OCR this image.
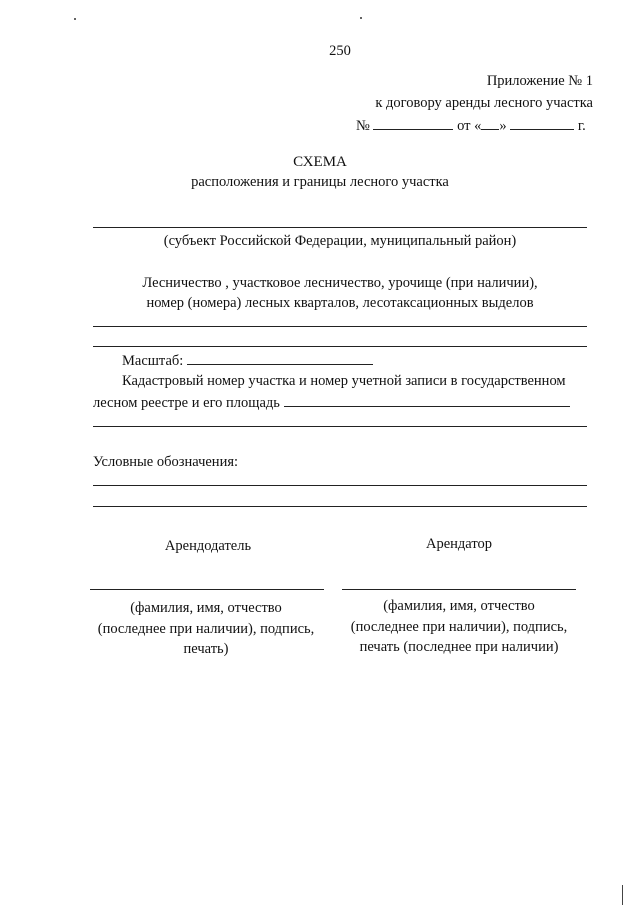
250
Приложение № 1
к договору аренды лесного участка
№	от « »	г.
СХЕМА
расположения и границы лесного участка
(субъект Российской Федерации, муниципальный район)
Лесничество , участковое лесничество, урочище (при наличии),
номер (номера) лесных кварталов, лесотаксационных выделов
Масштаб:
Кадастровый номер участка и номер учетной записи в государственном
лесном реестре и его площадь
Условные обозначения:
Арендодатель	Арендатор
(фамилия, имя, отчество
(последнее при наличии), подпись,
печать)
(фамилия, имя, отчество
(последнее при наличии), подпись,
печать (последнее при наличии)
